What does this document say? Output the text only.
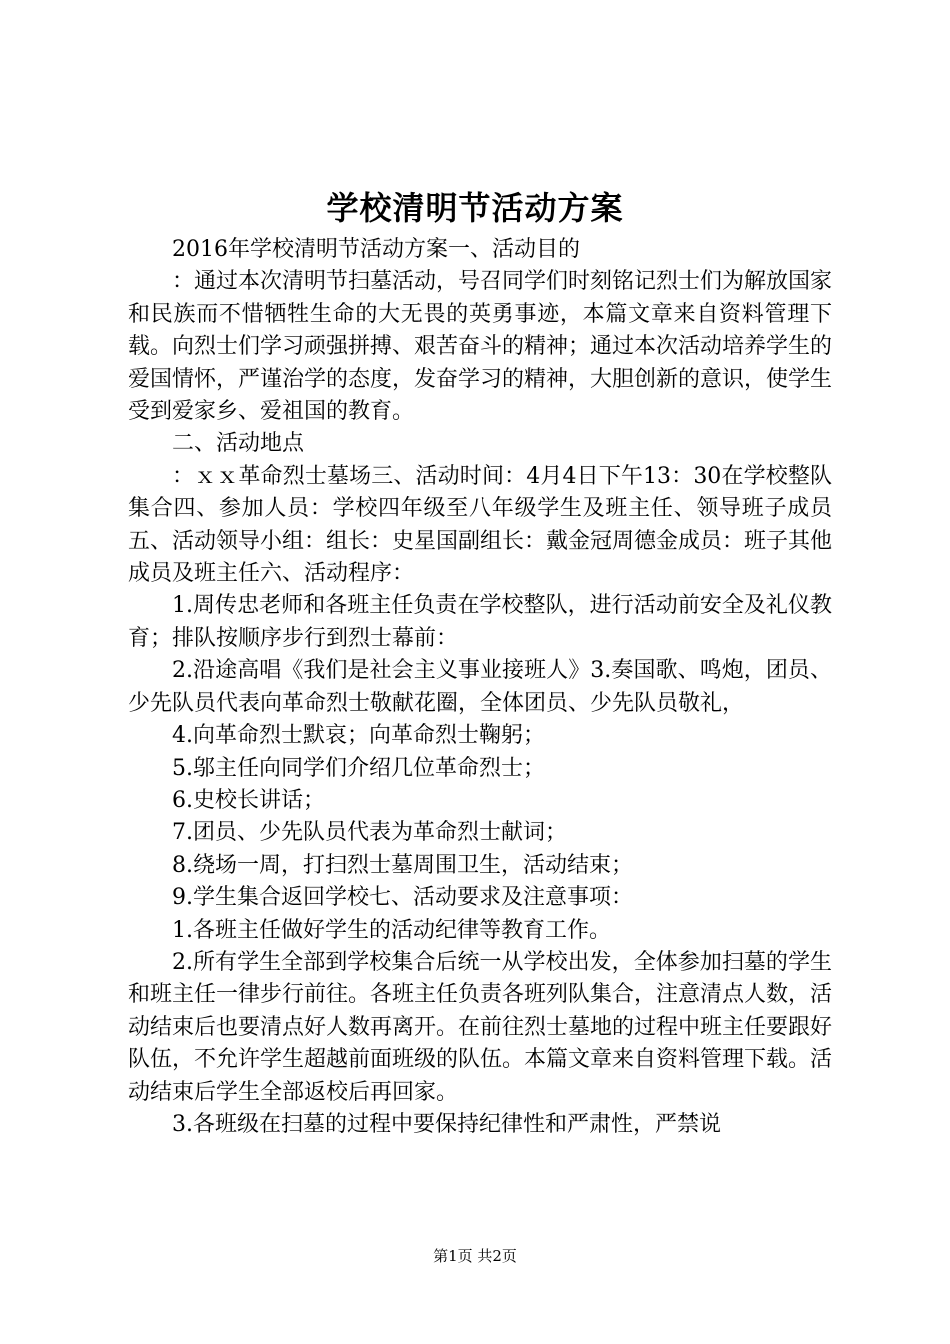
学校清明节活动方案

2016年学校清明节活动方案一、活动目的

：通过本次清明节扫墓活动，号召同学们时刻铭记烈士们为解放国家和民族而不惜牺牲生命的大无畏的英勇事迹，本篇文章来自资料管理下载。向烈士们学习顽强拼搏、艰苦奋斗的精神；通过本次活动培养学生的爱国情怀，严谨治学的态度，发奋学习的精神，大胆创新的意识，使学生受到爱家乡、爱祖国的教育。

二、活动地点

：ｘｘ革命烈士墓场三、活动时间：4月4日下午13：30在学校整队集合四、参加人员：学校四年级至八年级学生及班主任、领导班子成员五、活动领导小组：组长：史星国副组长：戴金冠周德金成员：班子其他成员及班主任六、活动程序：

1.周传忠老师和各班主任负责在学校整队，进行活动前安全及礼仪教育；排队按顺序步行到烈士幕前：

2.沿途高唱《我们是社会主义事业接班人》3.奏国歌、鸣炮，团员、少先队员代表向革命烈士敬献花圈，全体团员、少先队员敬礼，

4.向革命烈士默哀；向革命烈士鞠躬；

5.邬主任向同学们介绍几位革命烈士；

6.史校长讲话；

7.团员、少先队员代表为革命烈士献词；

8.绕场一周，打扫烈士墓周围卫生，活动结束；

9.学生集合返回学校七、活动要求及注意事项：

1.各班主任做好学生的活动纪律等教育工作。

2.所有学生全部到学校集合后统一从学校出发，全体参加扫墓的学生和班主任一律步行前往。各班主任负责各班列队集合，注意清点人数，活动结束后也要清点好人数再离开。在前往烈士墓地的过程中班主任要跟好队伍，不允许学生超越前面班级的队伍。本篇文章来自资料管理下载。活动结束后学生全部返校后再回家。

3.各班级在扫墓的过程中要保持纪律性和严肃性，严禁说

第1页 共2页
